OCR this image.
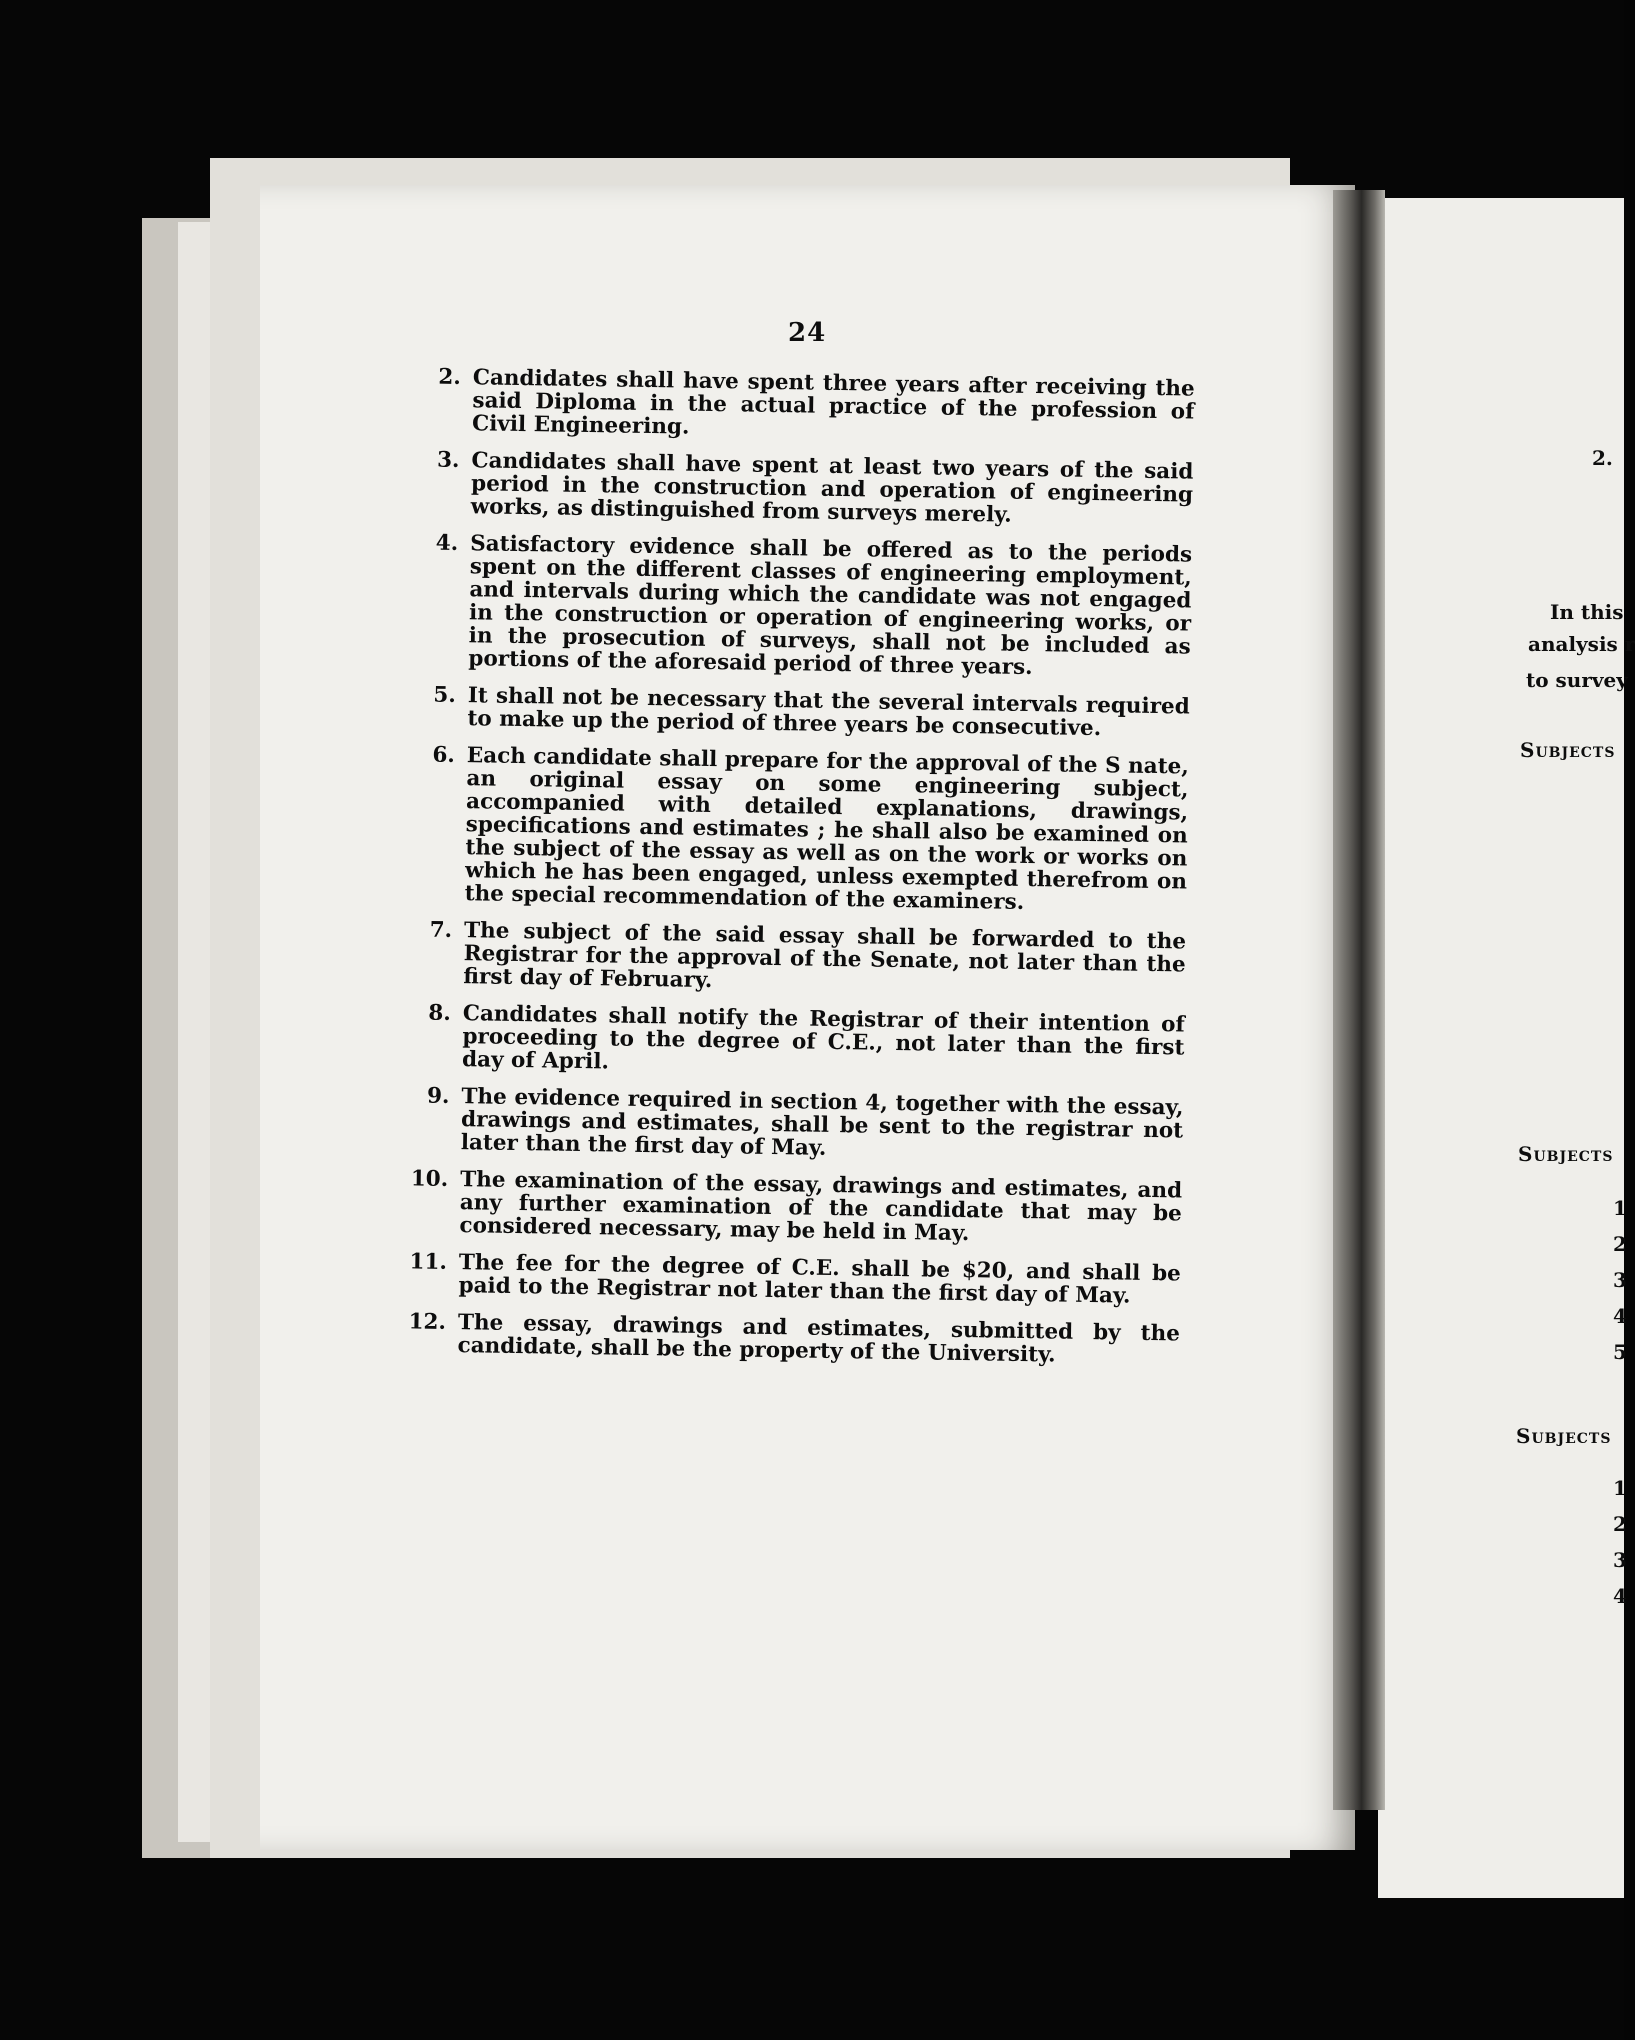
24
2. Candidates shall have spent three years after receiving the said Diploma in the actual practice of the profession of Civil Engineering.
3. Candidates shall have spent at least two years of the said period in the construction and operation of engineering works, as distinguished from surveys merely.
4. Satisfactory evidence shall be offered as to the periods spent on the different classes of engineering employment, and intervals during which the candidate was not engaged in the construction or operation of engineering works, or in the prosecution of surveys, shall not be included as portions of the aforesaid period of three years.
5. It shall not be necessary that the several intervals required to make up the period of three years be consecutive.
6. Each candidate shall prepare for the approval of the S nate, an original essay on some engineering subject, accompanied with detailed explanations, drawings, specifications and estimates ; he shall also be examined on the subject of the essay as well as on the work or works on which he has been engaged, unless exempted therefrom on the special recommendation of the examiners.
7. The subject of the said essay shall be forwarded to the Registrar for the approval of the Senate, not later than the first day of February.
8. Candidates shall notify the Registrar of their intention of proceeding to the degree of C.E., not later than the first day of April.
9. The evidence required in section 4, together with the essay, drawings and estimates, shall be sent to the registrar not later than the first day of May.
10. The examination of the essay, drawings and estimates, and any further examination of the candidate that may be considered necessary, may be held in May.
11. The fee for the degree of C.E. shall be $20, and shall be paid to the Registrar not later than the first day of May.
12. The essay, drawings and estimates, submitted by the candidate, shall be the property of the University.
2.
In this
analysis r
to survey
Subjects
Subjects
Subjects
1
2
3
4
5
1
2
3
4
